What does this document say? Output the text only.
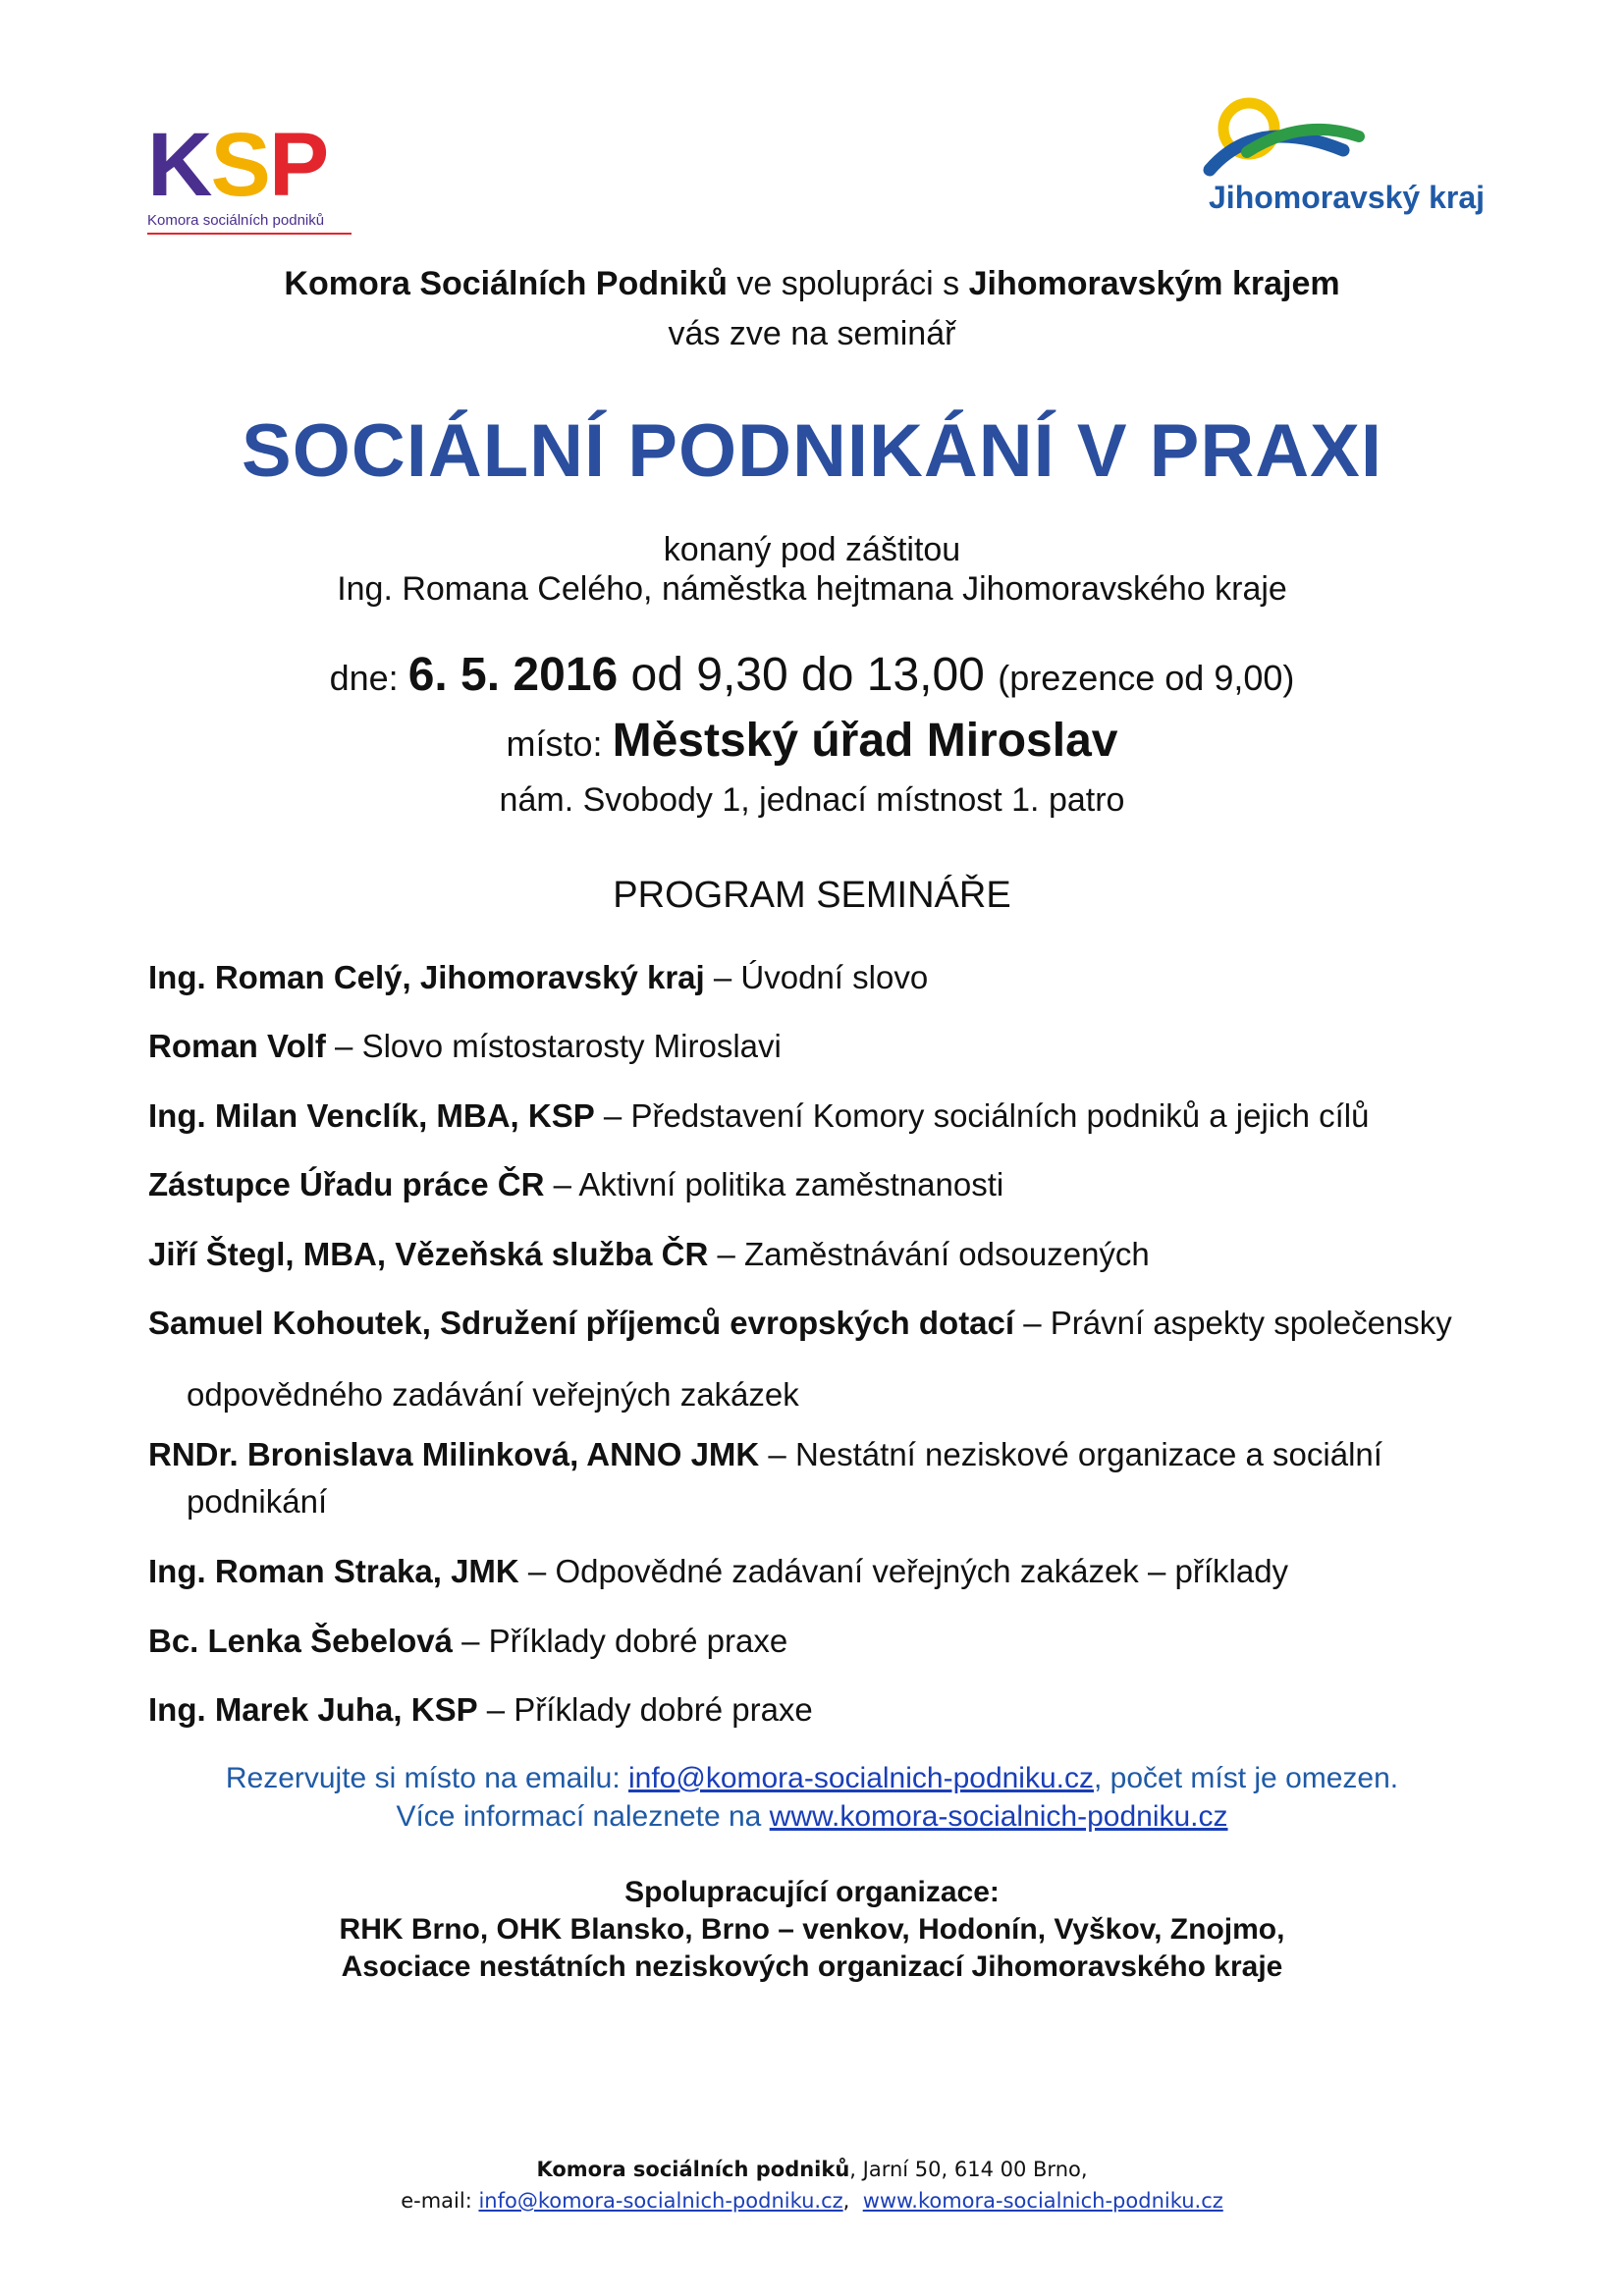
KSP
Komora sociálních podniků
Jihomoravský kraj
Komora Sociálních Podniků ve spolupráci s Jihomoravským krajem
vás zve na seminář
SOCIÁLNÍ PODNIKÁNÍ V PRAXI
konaný pod záštitou
Ing. Romana Celého, náměstka hejtmana Jihomoravského kraje
dne: 6. 5. 2016 od 9,30 do 13,00 (prezence od 9,00)
místo: Městský úřad Miroslav
nám. Svobody 1, jednací místnost 1. patro
PROGRAM SEMINÁŘE
Ing. Roman Celý, Jihomoravský kraj – Úvodní slovo
Roman Volf – Slovo místostarosty Miroslavi
Ing. Milan Venclík, MBA, KSP – Představení Komory sociálních podniků a jejich cílů
Zástupce Úřadu práce ČR – Aktivní politika zaměstnanosti
Jiří Štegl, MBA, Vězeňská služba ČR – Zaměstnávání odsouzených
Samuel Kohoutek, Sdružení příjemců evropských dotací – Právní aspekty společensky
odpovědného zadávání veřejných zakázek
RNDr. Bronislava Milinková, ANNO JMK – Nestátní neziskové organizace a sociální
podnikání
Ing. Roman Straka, JMK – Odpovědné zadávaní veřejných zakázek – příklady
Bc. Lenka Šebelová – Příklady dobré praxe
Ing. Marek Juha, KSP – Příklady dobré praxe
Rezervujte si místo na emailu: info@komora-socialnich-podniku.cz, počet míst je omezen.
Více informací naleznete na www.komora-socialnich-podniku.cz
Spolupracující organizace:
RHK Brno, OHK Blansko, Brno – venkov, Hodonín, Vyškov, Znojmo,
Asociace nestátních neziskových organizací Jihomoravského kraje
Komora sociálních podniků, Jarní 50, 614 00 Brno,
e-mail: info@komora-socialnich-podniku.cz,  www.komora-socialnich-podniku.cz
